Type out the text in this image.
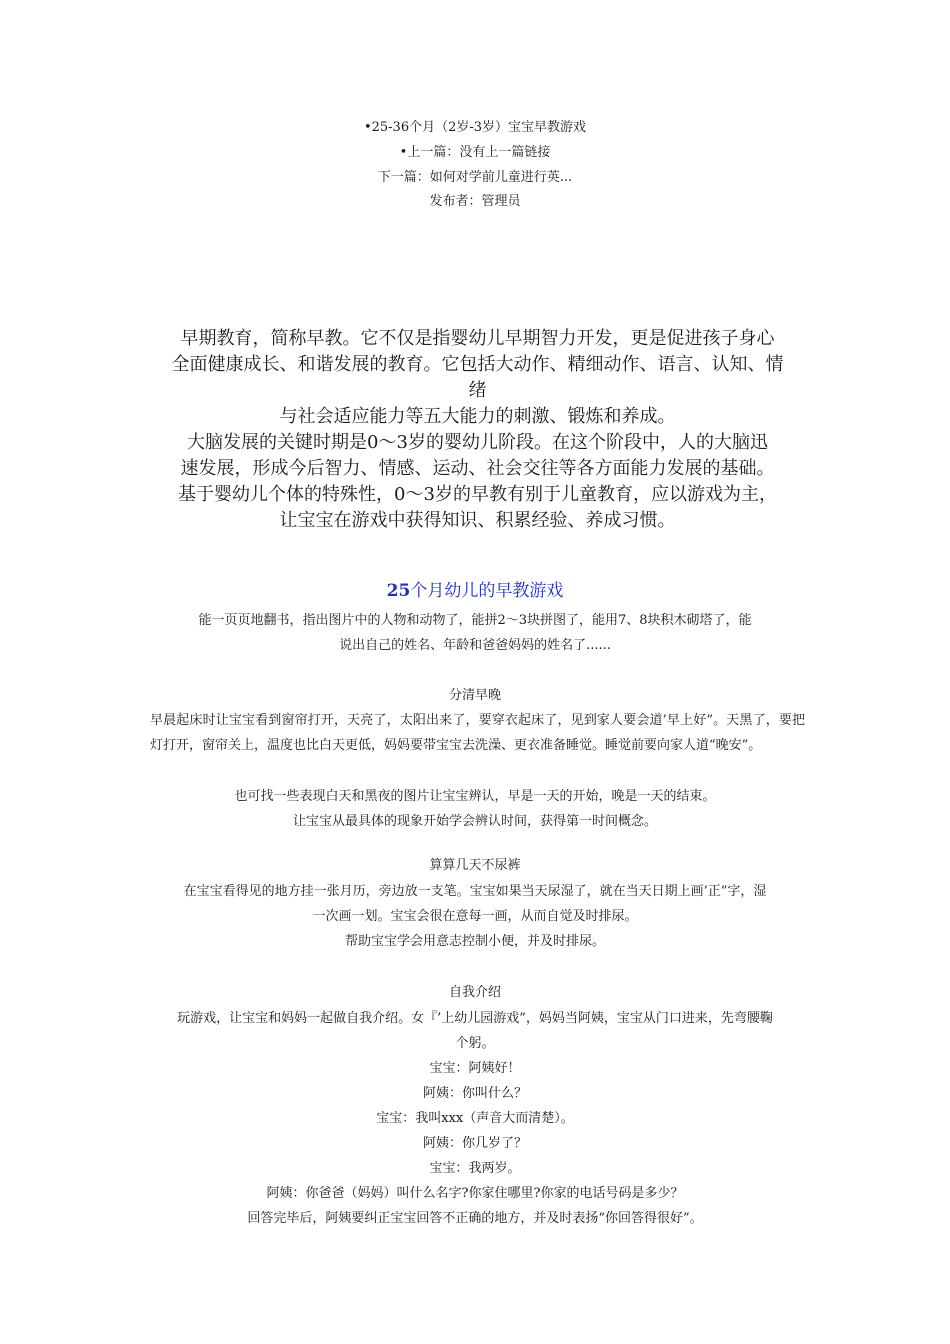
•25-36个月（2岁-3岁）宝宝早教游戏
•上一篇：没有上一篇链接
下一篇：如何对学前儿童进行英...
发布者：管理员

早期教育，简称早教。它不仅是指婴幼儿早期智力开发，更是促进孩子身心

全面健康成长、和谐发展的教育。它包括大动作、精细动作、语言、认知、情

绪

与社会适应能力等五大能力的刺激、锻炼和养成。

大脑发展的关键时期是0～3岁的婴幼儿阶段。在这个阶段中，人的大脑迅

速发展，形成今后智力、情感、运动、社会交往等各方面能力发展的基础。

基于婴幼儿个体的特殊性，0～3岁的早教有别于儿童教育，应以游戏为主，

让宝宝在游戏中获得知识、积累经验、养成习惯。

25个月幼儿的早教游戏

能一页页地翻书，指出图片中的人物和动物了，能拼2～3块拼图了，能用7、8块积木砌塔了，能

说出自己的姓名、年龄和爸爸妈妈的姓名了......

分清早晚
早晨起床时让宝宝看到窗帘打开，天亮了，太阳出来了，要穿衣起床了，见到家人要会道’早上好”。天黑了，要把灯打开，窗帘关上，温度也比白天更低，妈妈要带宝宝去洗澡、更衣准备睡觉。睡觉前要向家人道“晚安”。
也可找一些表现白天和黑夜的图片让宝宝辨认，早是一天的开始，晚是一天的结束。
让宝宝从最具体的现象开始学会辨认时间，获得第一时间概念。
算算几天不尿裤
在宝宝看得见的地方挂一张月历，旁边放一支笔。宝宝如果当天尿湿了，就在当天日期上画’正”字，湿
一次画一划。宝宝会很在意每一画，从而自觉及时排尿。
帮助宝宝学会用意志控制小便，并及时排尿。
自我介绍
玩游戏，让宝宝和妈妈一起做自我介绍。女『’上幼儿园游戏”，妈妈当阿姨，宝宝从门口进来，先弯腰鞠
个躬。

宝宝：阿姨好！

阿姨：你叫什么？

宝宝：我叫xxx（声音大而清楚）。

阿姨：你几岁了？

宝宝：我两岁。

阿姨：你爸爸（妈妈）叫什么名字?你家住哪里?你家的电话号码是多少？

回答完毕后，阿姨要纠正宝宝回答不正确的地方，并及时表扬“你回答得很好”。
